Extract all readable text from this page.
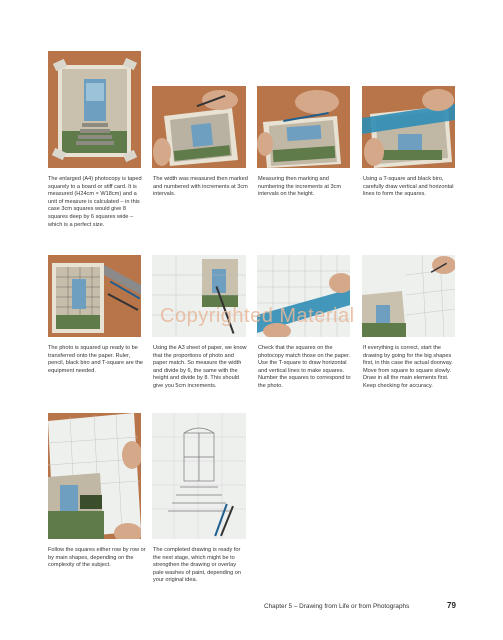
The enlarged (A4) photocopy is taped squarely to a board or stiff card. It is measured (H24cm × W18cm) and a unit of measure is calculated – in this case 3cm squares would give 8 squares deep by 6 squares wide – which is a perfect size.

The width was measured then marked and numbered with increments at 3cm intervals.

Measuring then marking and numbering the increments at 3cm intervals on the height.

Using a T-square and black biro, carefully draw vertical and horizontal lines to form the squares.

The photo is squared up ready to be transferred onto the paper. Ruler, pencil, black biro and T-square are the equipment needed.

Using the A3 sheet of paper, we know that the proportions of photo and paper match. So measure the width and divide by 6, the same with the height and divide by 8. This should give you 5cm increments.

Check that the squares on the photocopy match those on the paper. Use the T-square to draw horizontal and vertical lines to make squares. Number the squares to correspond to the photo.

If everything is correct, start the drawing by going for the big shapes first, in this case the actual doorway. Move from square to square slowly. Draw in all the main elements first. Keep checking for accuracy.

Copyrighted Material

Follow the squares either row by row or by main shapes, depending on the complexity of the subject.

The completed drawing is ready for the next stage, which might be to strengthen the drawing or overlay pale washes of paint, depending on your original idea.

Chapter 5 – Drawing from Life or from Photographs	79
